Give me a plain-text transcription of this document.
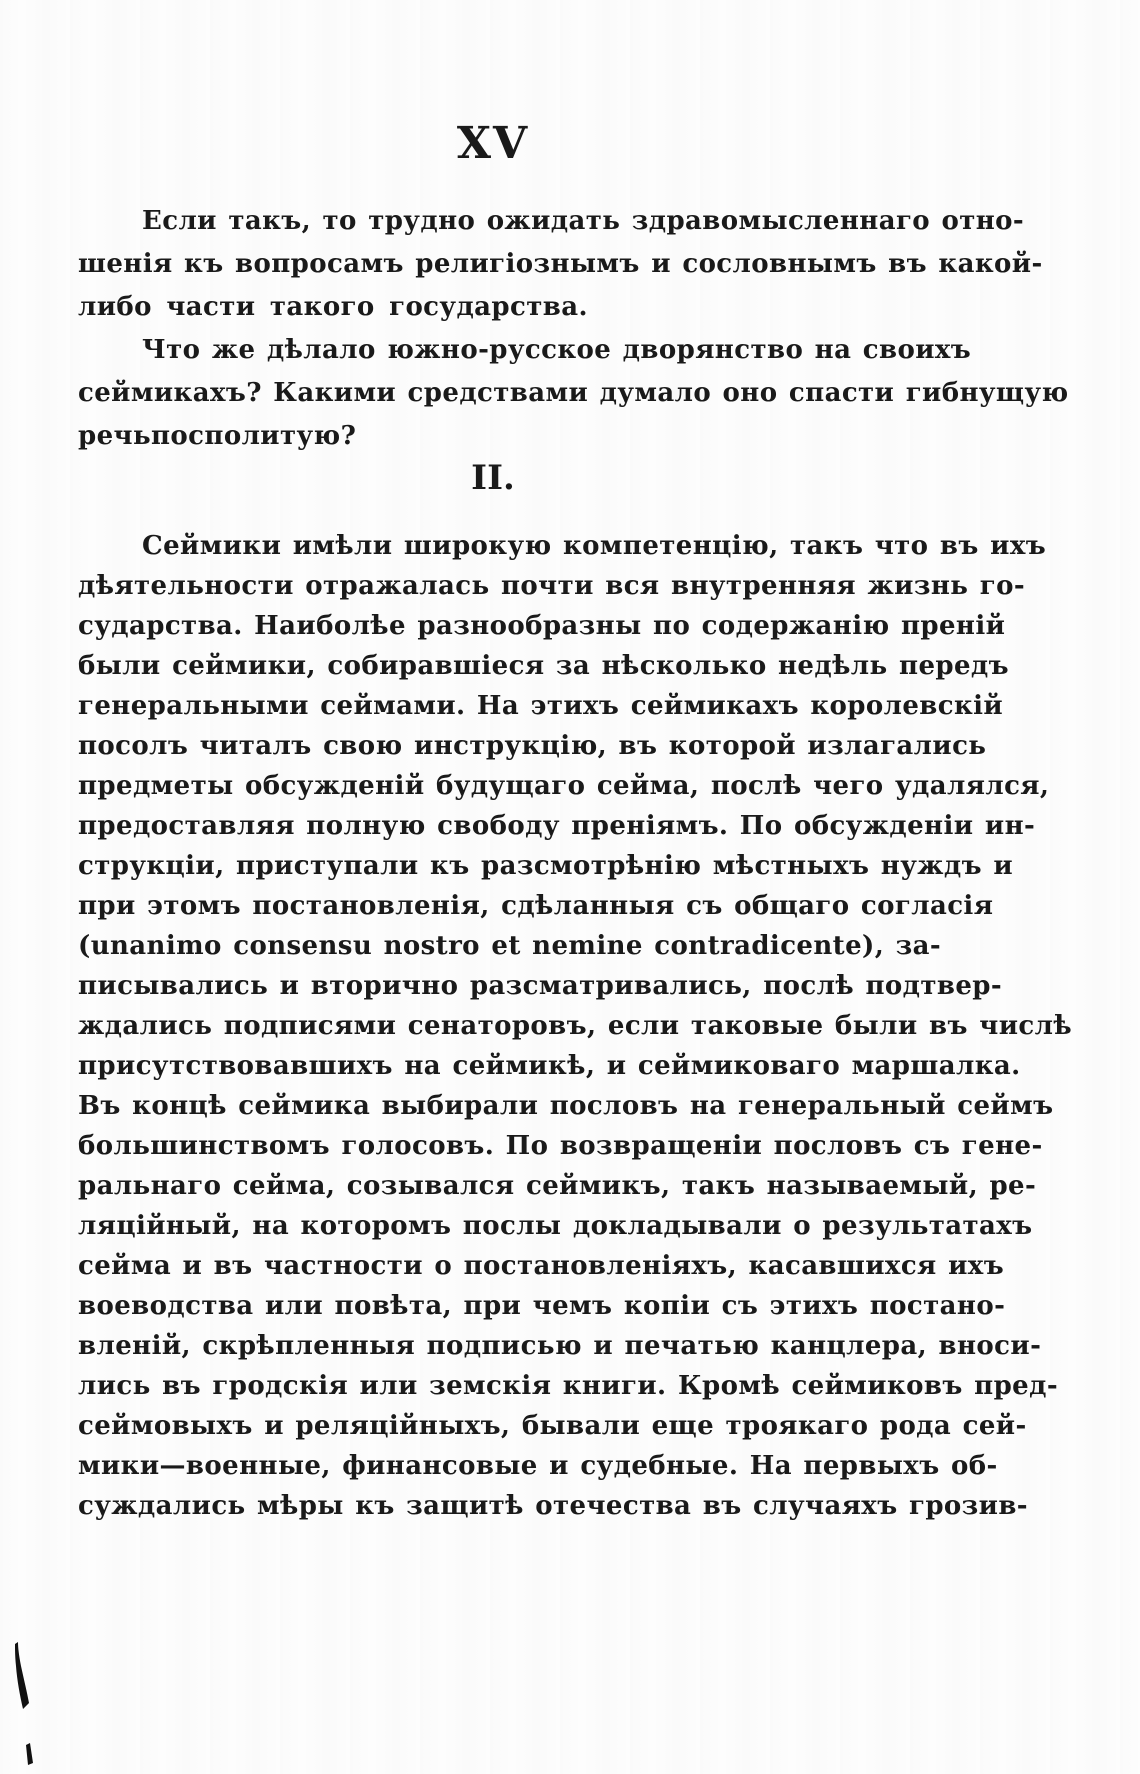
XV
Если такъ, то трудно ожидать здравомысленнаго отно-
шенія къ вопросамъ религіознымъ и сословнымъ въ какой-
либо части такого государства.
Что же дѣлало южно-русское дворянство на своихъ
сеймикахъ? Какими средствами думало оно спасти гибнущую
речьпосполитую?
II.
Сеймики имѣли широкую компетенцію, такъ что въ ихъ
дѣятельности отражалась почти вся внутренняя жизнь го-
сударства. Наиболѣе разнообразны по содержанію преній
были сеймики, собиравшіеся за нѣсколько недѣль передъ
генеральными сеймами. На этихъ сеймикахъ королевскій
посолъ читалъ свою инструкцію, въ которой излагались
предметы обсужденій будущаго сейма, послѣ чего удалялся,
предоставляя полную свободу преніямъ. По обсужденіи ин-
струкціи, приступали къ разсмотрѣнію мѣстныхъ нуждъ и
при этомъ постановленія, сдѣланныя съ общаго согласія
(unanimo consensu nostro et nemine contradicente), за-
писывались и вторично разсматривались, послѣ подтвер-
ждались подписями сенаторовъ, если таковые были въ числѣ
присутствовавшихъ на сеймикѣ, и сеймиковаго маршалка.
Въ концѣ сеймика выбирали пословъ на генеральный сеймъ
большинствомъ голосовъ. По возвращеніи пословъ съ гене-
ральнаго сейма, созывался сеймикъ, такъ называемый, ре-
ляційный, на которомъ послы докладывали о результатахъ
сейма и въ частности о постановленіяхъ, касавшихся ихъ
воеводства или повѣта, при чемъ копіи съ этихъ постано-
вленій, скрѣпленныя подписью и печатью канцлера, вноси-
лись въ гродскія или земскія книги. Кромѣ сеймиковъ пред-
сеймовыхъ и реляційныхъ, бывали еще троякаго рода сей-
мики—военные, финансовые и судебные. На первыхъ об-
суждались мѣры къ защитѣ отечества въ случаяхъ грозив-
